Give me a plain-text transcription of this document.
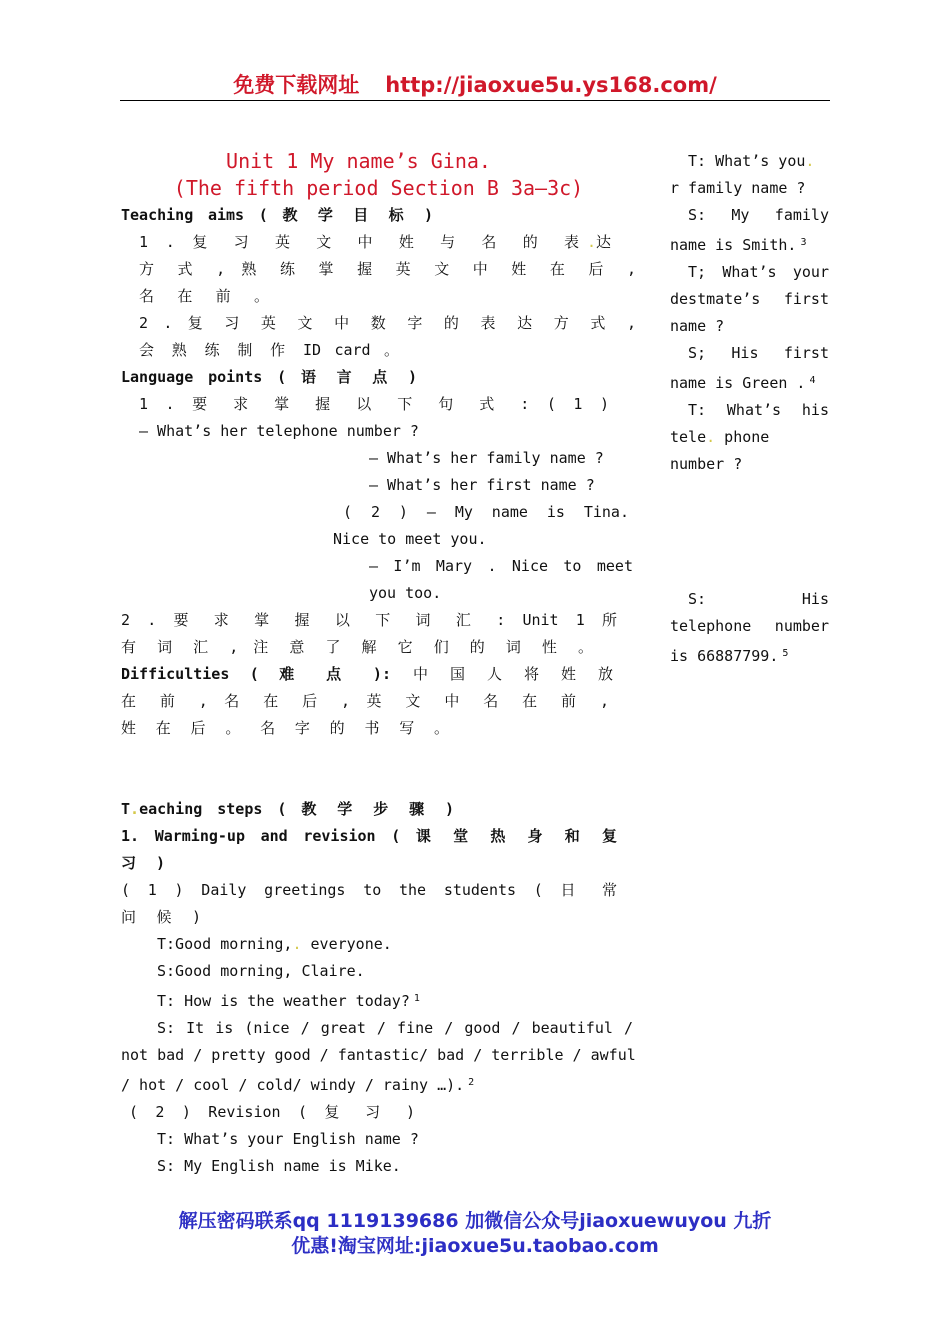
免费下载网址 http://jiaoxue5u.ys168.com/
Unit 1 My name’s Gina.
(The fifth period Section B 3a—3c)
Teaching aims ( 教 学 目 标 )
1 . 复 习 英 文 中 姓 与 名 的 表 .达
方 式 , 熟 练 掌 握 英 文 中 姓 在 后 ,
名 在 前 。
2 . 复 习 英 文 中 数 字 的 表 达 方 式 ,
会 熟 练 制 作 ID card 。
Language points ( 语 言 点 )
1 . 要 求 掌 握 以 下 句 式 : ( 1 )
— What’s her telephone number ?
— What’s her family name ?
— What’s her first name ?
( 2 ) — My name is Tina.
Nice to meet you.
— I’m Mary . Nice to meet
you too.
2 . 要 求 掌 握 以 下 词 汇 : Unit 1 所
有 词 汇 , 注 意 了 解 它 们 的 词 性 。
Difficulties ( 难 点 ): 中 国 人 将 姓 放
在 前 , 名 在 后 , 英 文 中 名 在 前 ,
姓 在 后 。 名 字 的 书 写 。
T.eaching steps ( 教 学 步 骤 )
1. Warming-up and revision ( 课 堂 热 身 和 复
习 )
( 1 ) Daily greetings to the students ( 日 常
问 候 )
T:Good morning,. everyone.
S:Good morning, Claire.
T: How is the weather today? $^1$
S: It is (nice / great / fine / good / beautiful /
not bad / pretty good / fantastic/ bad / terrible / awful
/ hot / cool / cold/ windy / rainy …). $^2$
( 2 ) Revision ( 复 习 )
T: What’s your English name ?
S: My English name is Mike.
T: What’s you.
r family name ?
S: My family
name is Smith. $^3$
T; What’s your
destmate’s first
name ?
S; His first
name is Green . $^4$
T: What’s his
tele. phone
number ?
S: His
telephone number
is 66887799. $^5$
解压密码联系qq 1119139686 加微信公众号jiaoxuewuyou 九折
优惠!淘宝网址:jiaoxue5u.taobao.com
